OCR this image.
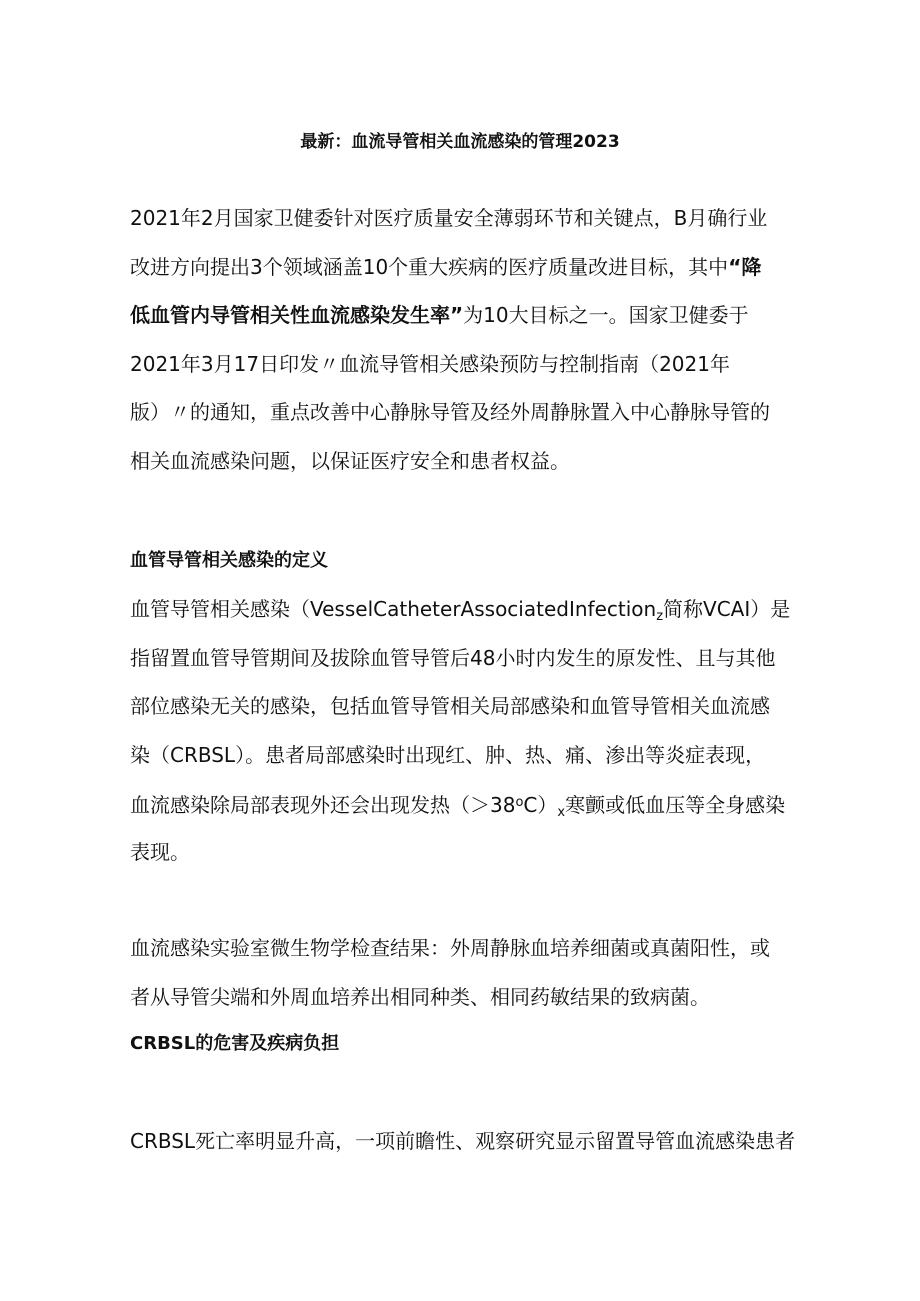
最新：血流导管相关血流感染的管理2023
2021年2月国家卫健委针对医疗质量安全薄弱环节和关键点，B月确行业
改进方向提出3个领域涵盖10个重大疾病的医疗质量改进目标，其中“降
低血管内导管相关性血流感染发生率”为10大目标之一。国家卫健委于
2021年3月17日印发〃血流导管相关感染预防与控制指南（2021年
版）〃的通知，重点改善中心静脉导管及经外周静脉置入中心静脉导管的
相关血流感染问题，以保证医疗安全和患者权益。
血管导管相关感染的定义
血管导管相关感染（VesselCatheterAssociatedInfection$_z$简称VCAI）是
指留置血管导管期间及拔除血管导管后48小时内发生的原发性、且与其他
部位感染无关的感染，包括血管导管相关局部感染和血管导管相关血流感
染（CRBSL）。患者局部感染时出现红、肿、热、痛、渗出等炎症表现，
血流感染除局部表现外还会出现发热$(>38^oC)_x$寒颤或低血压等全身感染
表现。
血流感染实验室微生物学检查结果：外周静脉血培养细菌或真菌阳性，或
者从导管尖端和外周血培养出相同种类、相同药敏结果的致病菌。
CRBSL的危害及疾病负担
CRBSL死亡率明显升高，一项前瞻性、观察研究显示留置导管血流感染患者
